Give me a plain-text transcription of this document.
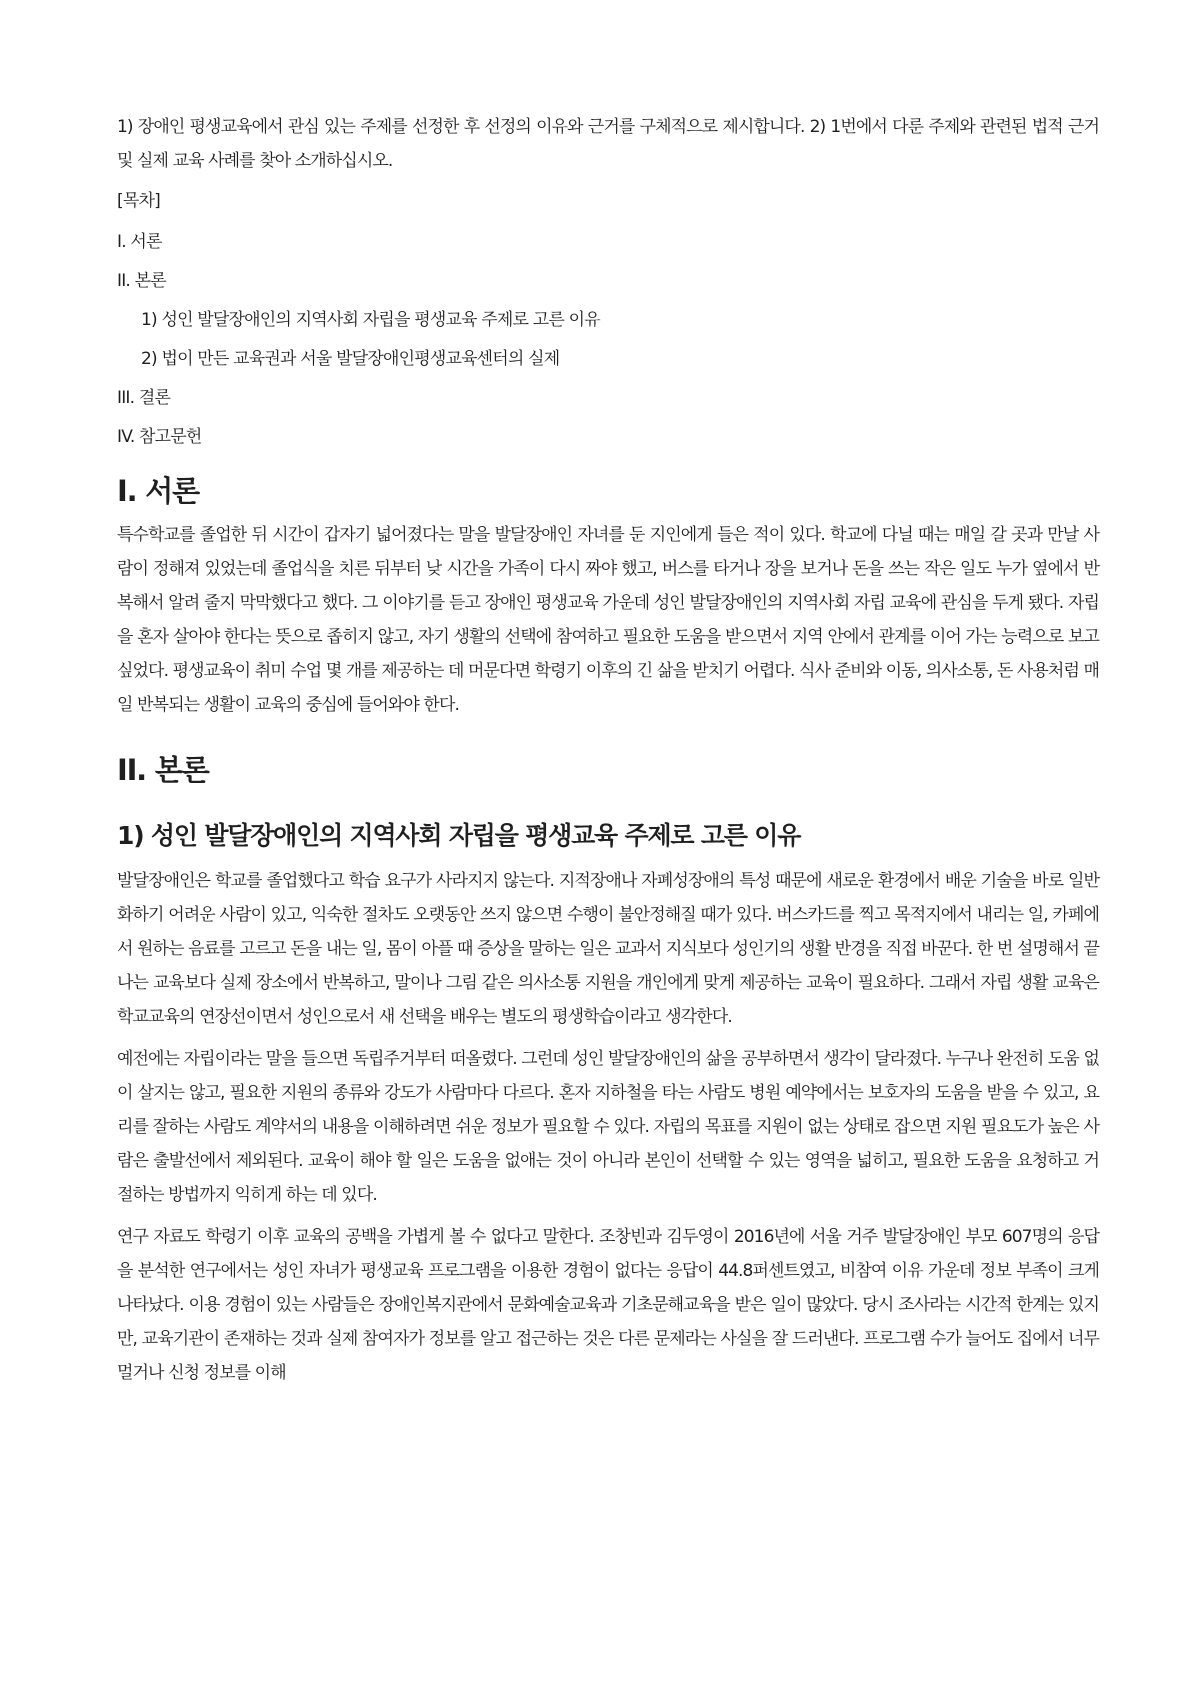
1) 장애인 평생교육에서 관심 있는 주제를 선정한 후 선정의 이유와 근거를 구체적으로 제시합니다. 2) 1번에서 다룬 주제와 관련된 법적 근거 및 실제 교육 사례를 찾아 소개하십시오.

[목차]
I. 서론
II. 본론
1) 성인 발달장애인의 지역사회 자립을 평생교육 주제로 고른 이유
2) 법이 만든 교육권과 서울 발달장애인평생교육센터의 실제
III. 결론
IV. 참고문헌
I. 서론

특수학교를 졸업한 뒤 시간이 갑자기 넓어졌다는 말을 발달장애인 자녀를 둔 지인에게 들은 적이 있다. 학교에 다닐 때는 매일 갈 곳과 만날 사람이 정해져 있었는데 졸업식을 치른 뒤부터 낮 시간을 가족이 다시 짜야 했고, 버스를 타거나 장을 보거나 돈을 쓰는 작은 일도 누가 옆에서 반복해서 알려 줄지 막막했다고 했다. 그 이야기를 듣고 장애인 평생교육 가운데 성인 발달장애인의 지역사회 자립 교육에 관심을 두게 됐다. 자립을 혼자 살아야 한다는 뜻으로 좁히지 않고, 자기 생활의 선택에 참여하고 필요한 도움을 받으면서 지역 안에서 관계를 이어 가는 능력으로 보고 싶었다. 평생교육이 취미 수업 몇 개를 제공하는 데 머문다면 학령기 이후의 긴 삶을 받치기 어렵다. 식사 준비와 이동, 의사소통, 돈 사용처럼 매일 반복되는 생활이 교육의 중심에 들어와야 한다.

II. 본론
1) 성인 발달장애인의 지역사회 자립을 평생교육 주제로 고른 이유

발달장애인은 학교를 졸업했다고 학습 요구가 사라지지 않는다. 지적장애나 자폐성장애의 특성 때문에 새로운 환경에서 배운 기술을 바로 일반화하기 어려운 사람이 있고, 익숙한 절차도 오랫동안 쓰지 않으면 수행이 불안정해질 때가 있다. 버스카드를 찍고 목적지에서 내리는 일, 카페에서 원하는 음료를 고르고 돈을 내는 일, 몸이 아플 때 증상을 말하는 일은 교과서 지식보다 성인기의 생활 반경을 직접 바꾼다. 한 번 설명해서 끝나는 교육보다 실제 장소에서 반복하고, 말이나 그림 같은 의사소통 지원을 개인에게 맞게 제공하는 교육이 필요하다. 그래서 자립 생활 교육은 학교교육의 연장선이면서 성인으로서 새 선택을 배우는 별도의 평생학습이라고 생각한다.

예전에는 자립이라는 말을 들으면 독립주거부터 떠올렸다. 그런데 성인 발달장애인의 삶을 공부하면서 생각이 달라졌다. 누구나 완전히 도움 없이 살지는 않고, 필요한 지원의 종류와 강도가 사람마다 다르다. 혼자 지하철을 타는 사람도 병원 예약에서는 보호자의 도움을 받을 수 있고, 요리를 잘하는 사람도 계약서의 내용을 이해하려면 쉬운 정보가 필요할 수 있다. 자립의 목표를 지원이 없는 상태로 잡으면 지원 필요도가 높은 사람은 출발선에서 제외된다. 교육이 해야 할 일은 도움을 없애는 것이 아니라 본인이 선택할 수 있는 영역을 넓히고, 필요한 도움을 요청하고 거절하는 방법까지 익히게 하는 데 있다.

연구 자료도 학령기 이후 교육의 공백을 가볍게 볼 수 없다고 말한다. 조창빈과 김두영이 2016년에 서울 거주 발달장애인 부모 607명의 응답을 분석한 연구에서는 성인 자녀가 평생교육 프로그램을 이용한 경험이 없다는 응답이 44.8퍼센트였고, 비참여 이유 가운데 정보 부족이 크게 나타났다. 이용 경험이 있는 사람들은 장애인복지관에서 문화예술교육과 기초문해교육을 받은 일이 많았다. 당시 조사라는 시간적 한계는 있지만, 교육기관이 존재하는 것과 실제 참여자가 정보를 알고 접근하는 것은 다른 문제라는 사실을 잘 드러낸다. 프로그램 수가 늘어도 집에서 너무 멀거나 신청 정보를 이해
